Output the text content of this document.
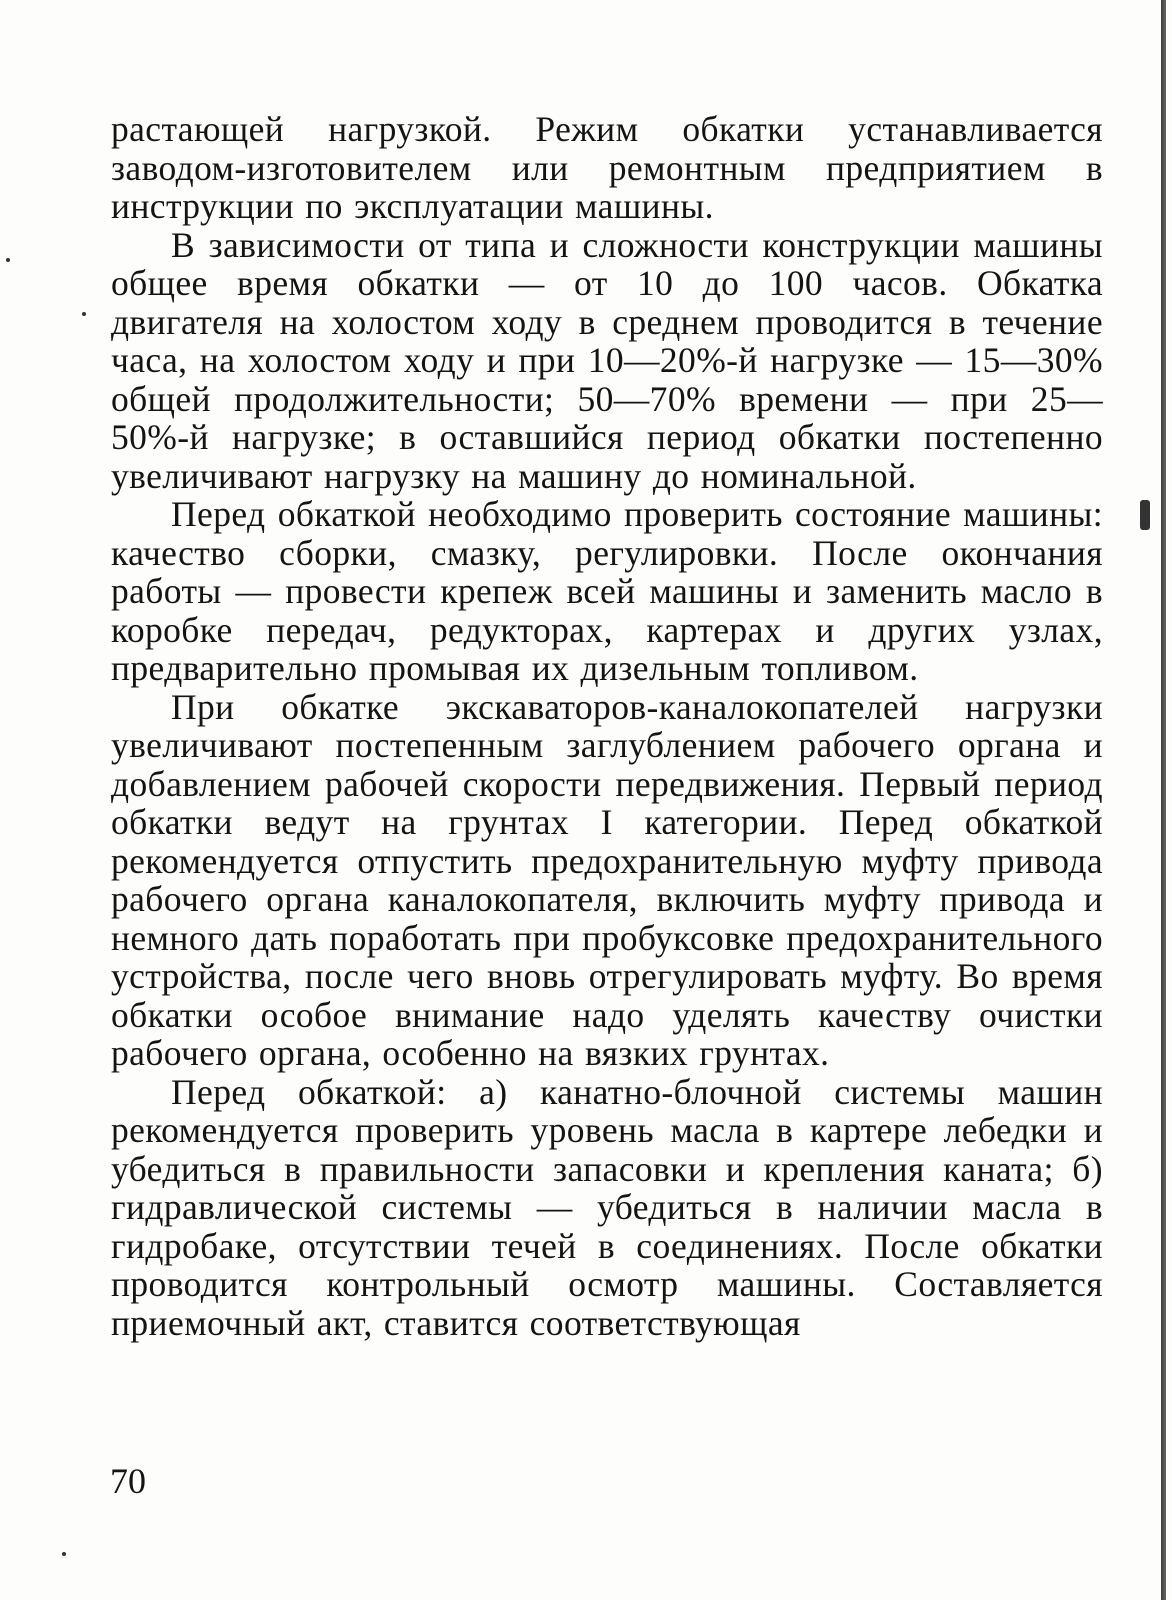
растающей нагрузкой. Режим обкатки устанавливается заводом-изготовителем или ремонтным предприятием в инструкции по эксплуатации машины.

В зависимости от типа и сложности конструкции машины общее время обкатки — от 10 до 100 часов. Обкатка двигателя на холостом ходу в среднем проводится в течение часа, на холостом ходу и при 10—20%-й нагрузке — 15—30% общей продолжительности; 50—70% времени — при 25—50%-й нагрузке; в оставшийся период обкатки постепенно увеличивают нагрузку на машину до номинальной.

Перед обкаткой необходимо проверить состояние машины: качество сборки, смазку, регулировки. После окончания работы — провести крепеж всей машины и заменить масло в коробке передач, редукторах, картерах и других узлах, предварительно промывая их дизельным топливом.

При обкатке экскаваторов-каналокопателей нагрузки увеличивают постепенным заглублением рабочего органа и добавлением рабочей скорости передвижения. Первый период обкатки ведут на грунтах I категории. Перед обкаткой рекомендуется отпустить предохранительную муфту привода рабочего органа каналокопателя, включить муфту привода и немного дать поработать при пробуксовке предохранительного устройства, после чего вновь отрегулировать муфту. Во время обкатки особое внимание надо уделять качеству очистки рабочего органа, особенно на вязких грунтах.

Перед обкаткой: а) канатно-блочной системы машин рекомендуется проверить уровень масла в картере лебедки и убедиться в правильности запасовки и крепления каната; б) гидравлической системы — убедиться в наличии масла в гидробаке, отсутствии течей в соединениях. После обкатки проводится контрольный осмотр машины. Составляется приемочный акт, ставится соответствующая

70
